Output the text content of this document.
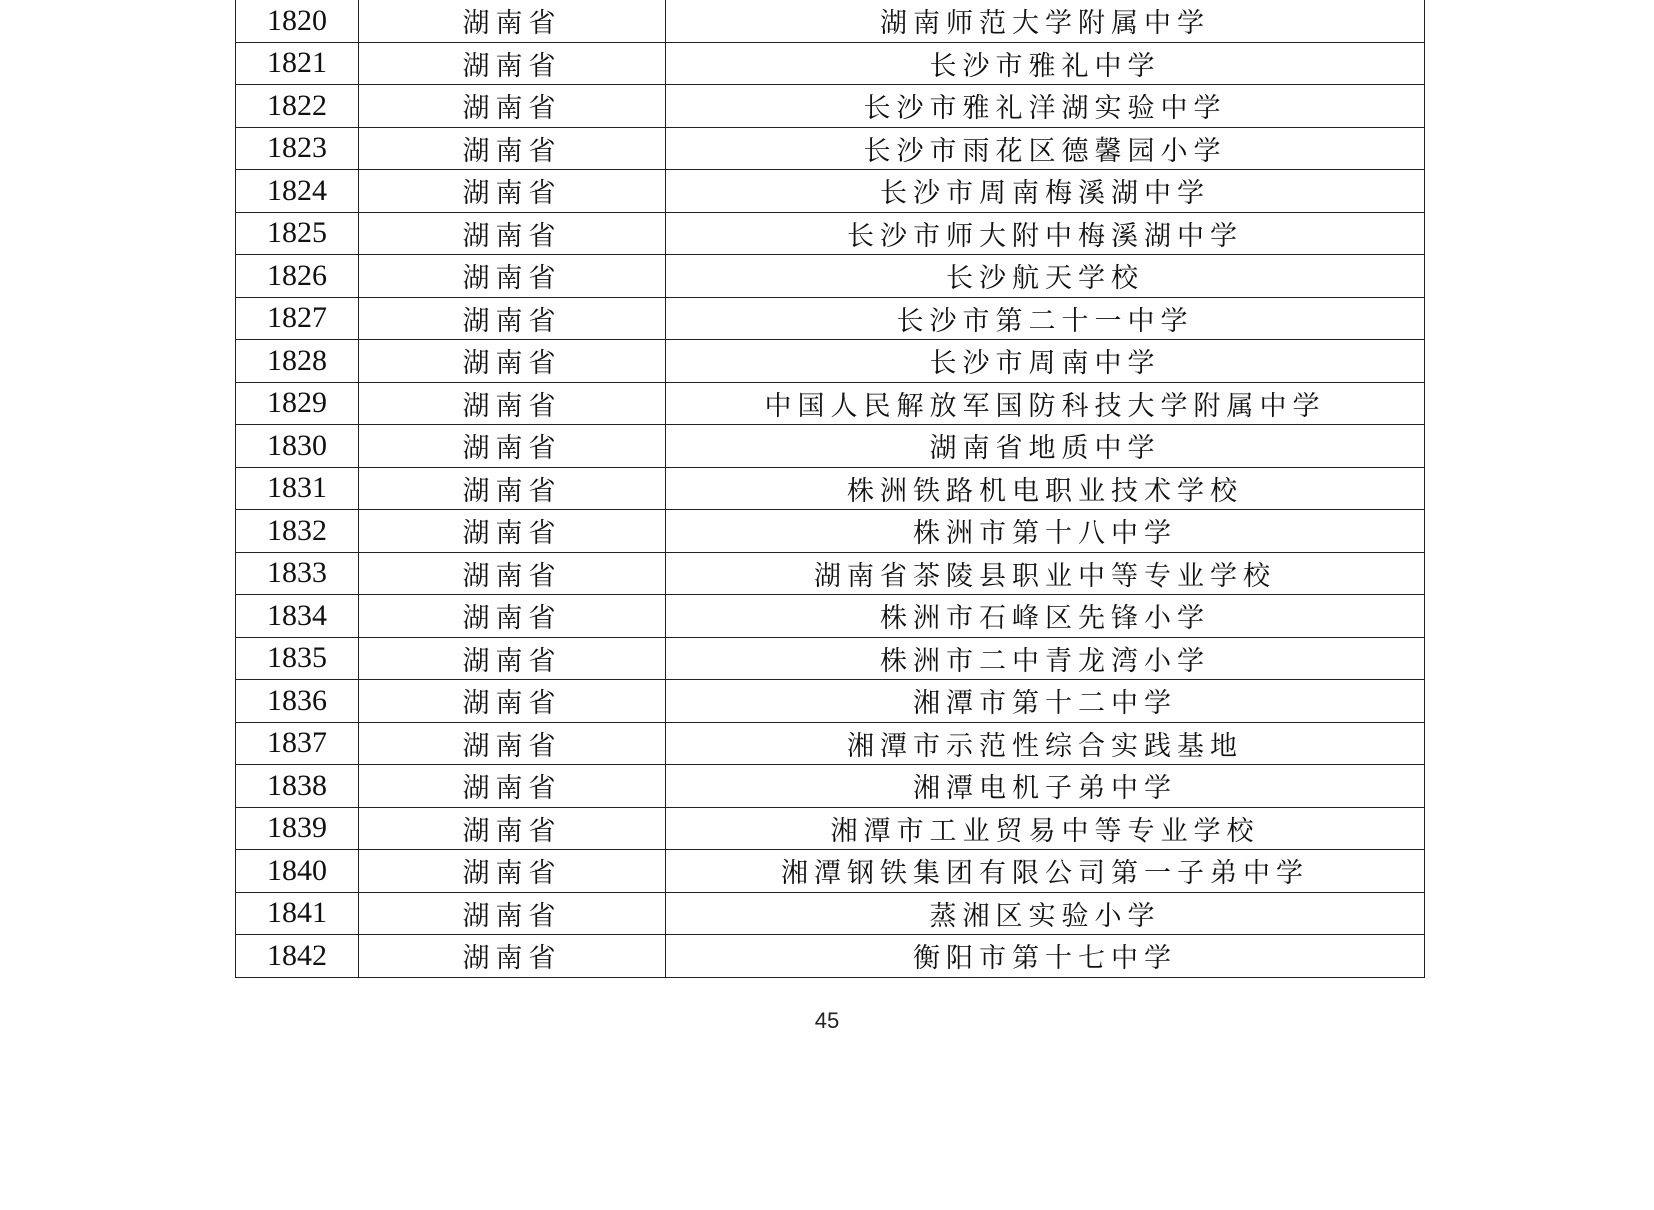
1820	湖南省	湖南师范大学附属中学
1821	湖南省	长沙市雅礼中学
1822	湖南省	长沙市雅礼洋湖实验中学
1823	湖南省	长沙市雨花区德馨园小学
1824	湖南省	长沙市周南梅溪湖中学
1825	湖南省	长沙市师大附中梅溪湖中学
1826	湖南省	长沙航天学校
1827	湖南省	长沙市第二十一中学
1828	湖南省	长沙市周南中学
1829	湖南省	中国人民解放军国防科技大学附属中学
1830	湖南省	湖南省地质中学
1831	湖南省	株洲铁路机电职业技术学校
1832	湖南省	株洲市第十八中学
1833	湖南省	湖南省茶陵县职业中等专业学校
1834	湖南省	株洲市石峰区先锋小学
1835	湖南省	株洲市二中青龙湾小学
1836	湖南省	湘潭市第十二中学
1837	湖南省	湘潭市示范性综合实践基地
1838	湖南省	湘潭电机子弟中学
1839	湖南省	湘潭市工业贸易中等专业学校
1840	湖南省	湘潭钢铁集团有限公司第一子弟中学
1841	湖南省	蒸湘区实验小学
1842	湖南省	衡阳市第十七中学
45
